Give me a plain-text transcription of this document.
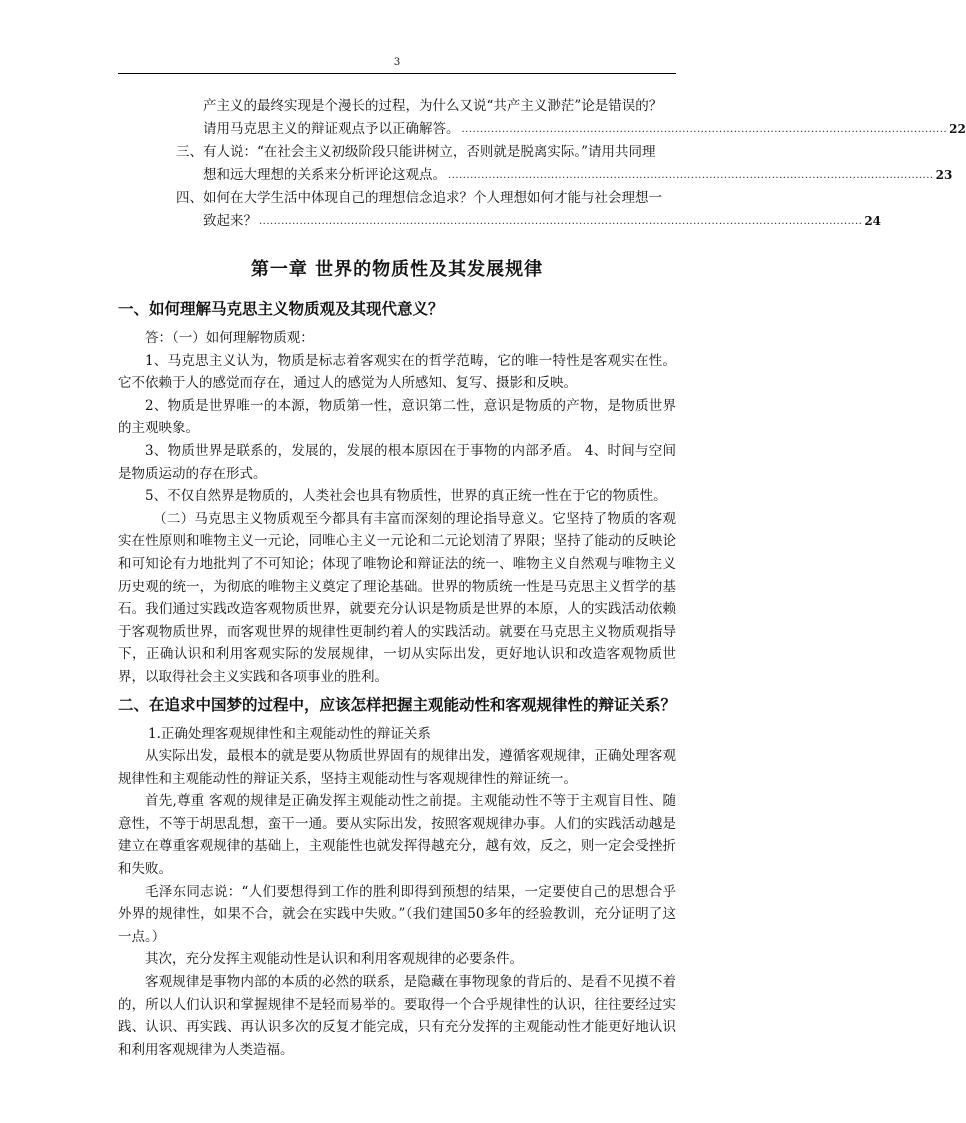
3
产主义的最终实现是个漫长的过程，为什么又说“共产主义渺茫”论是错误的？
请用马克思主义的辩证观点予以正确解答。 .................................................................................................................................... 22
三、有人说：“在社会主义初级阶段只能讲树立，否则就是脱离实际。”请用共同理
想和远大理想的关系来分析评论这观点。 .................................................................................................................................... 23
四、如何在大学生活中体现自己的理想信念追求？个人理想如何才能与社会理想一
致起来？ .................................................................................................................................................................... 24
第一章 世界的物质性及其发展规律
一、如何理解马克思主义物质观及其现代意义？

答：（一）如何理解物质观：

1、马克思主义认为，物质是标志着客观实在的哲学范畴，它的唯一特性是客观实在性。它不依赖于人的感觉而存在，通过人的感觉为人所感知、复写、摄影和反映。

2、物质是世界唯一的本源，物质第一性，意识第二性，意识是物质的产物，是物质世界的主观映象。

3、物质世界是联系的，发展的，发展的根本原因在于事物的内部矛盾。 4、时间与空间是物质运动的存在形式。

5、不仅自然界是物质的，人类社会也具有物质性，世界的真正统一性在于它的物质性。

（二）马克思主义物质观至今都具有丰富而深刻的理论指导意义。它坚持了物质的客观实在性原则和唯物主义一元论，同唯心主义一元论和二元论划清了界限；坚持了能动的反映论和可知论有力地批判了不可知论；体现了唯物论和辩证法的统一、唯物主义自然观与唯物主义历史观的统一，为彻底的唯物主义奠定了理论基础。世界的物质统一性是马克思主义哲学的基石。我们通过实践改造客观物质世界，就要充分认识是物质是世界的本原，人的实践活动依赖于客观物质世界，而客观世界的规律性更制约着人的实践活动。就要在马克思主义物质观指导下，正确认识和利用客观实际的发展规律，一切从实际出发，更好地认识和改造客观物质世界，以取得社会主义实践和各项事业的胜利。

二、在追求中国梦的过程中，应该怎样把握主观能动性和客观规律性的辩证关系？

1.正确处理客观规律性和主观能动性的辩证关系

从实际出发，最根本的就是要从物质世界固有的规律出发，遵循客观规律，正确处理客观规律性和主观能动性的辩证关系，坚持主观能动性与客观规律性的辩证统一。

首先,尊重 客观的规律是正确发挥主观能动性之前提。主观能动性不等于主观盲目性、随意性，不等于胡思乱想，蛮干一通。要从实际出发，按照客观规律办事。人们的实践活动越是建立在尊重客观规律的基础上，主观能性也就发挥得越充分，越有效，反之，则一定会受挫折和失败。

毛泽东同志说：“人们要想得到工作的胜利即得到预想的结果，一定要使自己的思想合乎外界的规律性，如果不合，就会在实践中失败。”（我们建国50多年的经验教训，充分证明了这一点。）

其次，充分发挥主观能动性是认识和利用客观规律的必要条件。

客观规律是事物内部的本质的必然的联系，是隐藏在事物现象的背后的、是看不见摸不着的，所以人们认识和掌握规律不是轻而易举的。要取得一个合乎规律性的认识，往往要经过实践、认识、再实践、再认识多次的反复才能完成，只有充分发挥的主观能动性才能更好地认识和利用客观规律为人类造福。
